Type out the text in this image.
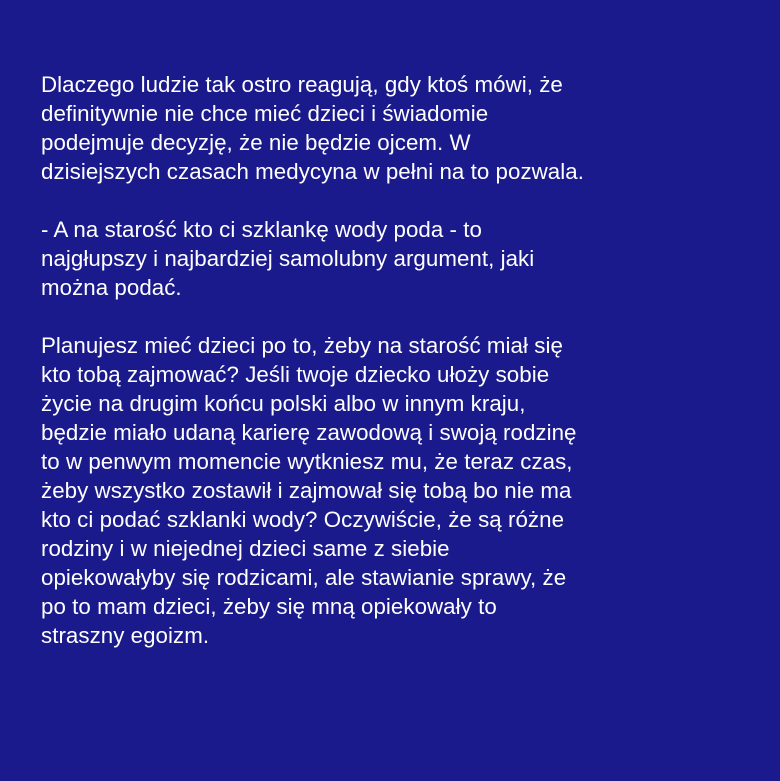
Dlaczego ludzie tak ostro reagują, gdy ktoś mówi, że
definitywnie nie chce mieć dzieci i świadomie
podejmuje decyzję, że nie będzie ojcem. W
dzisiejszych czasach medycyna w pełni na to pozwala.
- A na starość kto ci szklankę wody poda - to
najgłupszy i najbardziej samolubny argument, jaki
można podać.
Planujesz mieć dzieci po to, żeby na starość miał się
kto tobą zajmować? Jeśli twoje dziecko ułoży sobie
życie na drugim końcu polski albo w innym kraju,
będzie miało udaną karierę zawodową i swoją rodzinę
to w penwym momencie wytkniesz mu, że teraz czas,
żeby wszystko zostawił i zajmował się tobą bo nie ma
kto ci podać szklanki wody? Oczywiście, że są różne
rodziny i w niejednej dzieci same z siebie
opiekowałyby się rodzicami, ale stawianie sprawy, że
po to mam dzieci, żeby się mną opiekowały to
straszny egoizm.
